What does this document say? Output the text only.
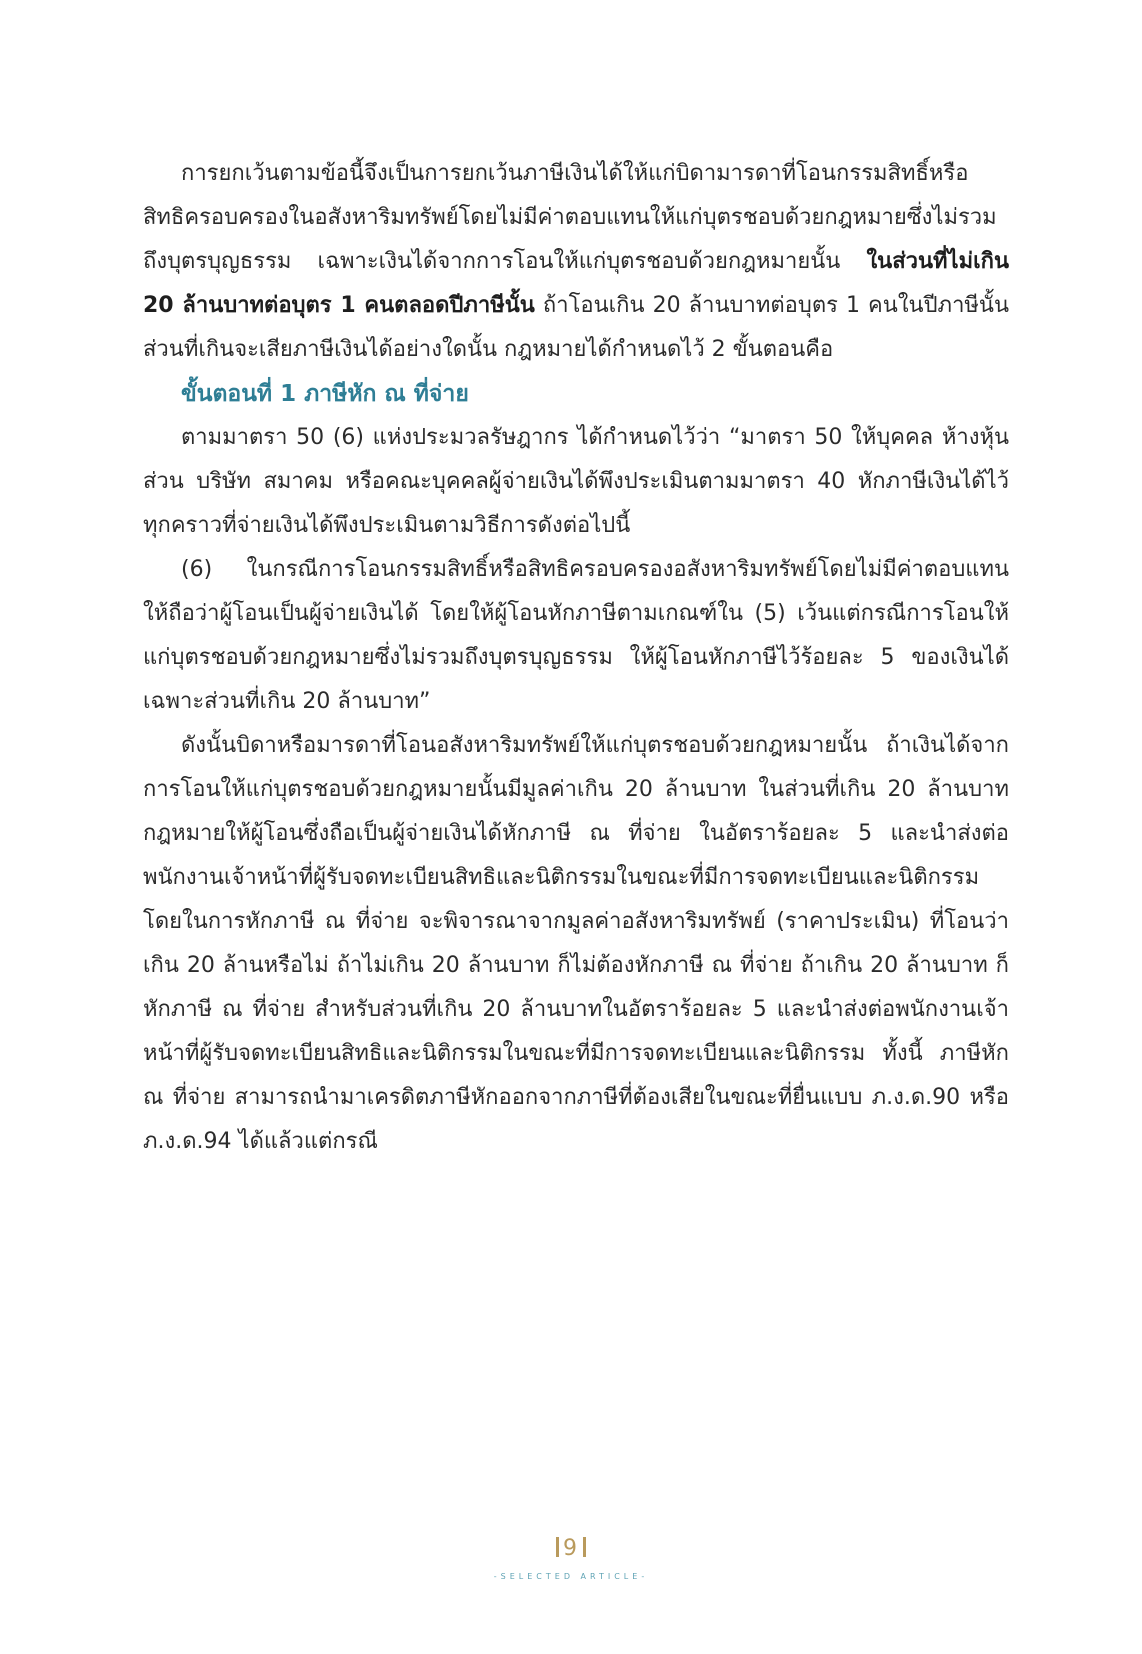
การยกเว้นตามข้อนี้จึงเป็นการยกเว้นภาษีเงินได้ให้แก่บิดามารดาที่โอนกรรมสิทธิ์หรือสิทธิครอบครองในอสังหาริมทรัพย์โดยไม่มีค่าตอบแทนให้แก่บุตรชอบด้วยกฎหมายซึ่งไม่รวมถึงบุตรบุญธรรม เฉพาะเงินได้จากการโอนให้แก่บุตรชอบด้วยกฎหมายนั้น ในส่วนที่ไม่เกิน 20 ล้านบาทต่อบุตร 1 คนตลอดปีภาษีนั้น ถ้าโอนเกิน 20 ล้านบาทต่อบุตร 1 คนในปีภาษีนั้น ส่วนที่เกินจะเสียภาษีเงินได้อย่างใดนั้น กฎหมายได้กำหนดไว้ 2 ขั้นตอนคือ

ขั้นตอนที่ 1 ภาษีหัก ณ ที่จ่าย

ตามมาตรา 50 (6) แห่งประมวลรัษฎากร ได้กำหนดไว้ว่า “มาตรา 50 ให้บุคคล ห้างหุ้นส่วน บริษัท สมาคม หรือคณะบุคคลผู้จ่ายเงินได้พึงประเมินตามมาตรา 40 หักภาษีเงินได้ไว้ทุกคราวที่จ่ายเงินได้พึงประเมินตามวิธีการดังต่อไปนี้

(6) ในกรณีการโอนกรรมสิทธิ์หรือสิทธิครอบครองอสังหาริมทรัพย์โดยไม่มีค่าตอบแทน ให้ถือว่าผู้โอนเป็นผู้จ่ายเงินได้ โดยให้ผู้โอนหักภาษีตามเกณฑ์ใน (5) เว้นแต่กรณีการโอนให้แก่บุตรชอบด้วยกฎหมายซึ่งไม่รวมถึงบุตรบุญธรรม ให้ผู้โอนหักภาษีไว้ร้อยละ 5 ของเงินได้เฉพาะส่วนที่เกิน 20 ล้านบาท”

ดังนั้นบิดาหรือมารดาที่โอนอสังหาริมทรัพย์ให้แก่บุตรชอบด้วยกฎหมายนั้น ถ้าเงินได้จากการโอนให้แก่บุตรชอบด้วยกฎหมายนั้นมีมูลค่าเกิน 20 ล้านบาท ในส่วนที่เกิน 20 ล้านบาท กฎหมายให้ผู้โอนซึ่งถือเป็นผู้จ่ายเงินได้หักภาษี ณ ที่จ่าย ในอัตราร้อยละ 5 และนำส่งต่อพนักงานเจ้าหน้าที่ผู้รับจดทะเบียนสิทธิและนิติกรรมในขณะที่มีการจดทะเบียนและนิติกรรม โดยในการหักภาษี ณ ที่จ่าย จะพิจารณาจากมูลค่าอสังหาริมทรัพย์ (ราคาประเมิน) ที่โอนว่าเกิน 20 ล้านหรือไม่ ถ้าไม่เกิน 20 ล้านบาท ก็ไม่ต้องหักภาษี ณ ที่จ่าย ถ้าเกิน 20 ล้านบาท ก็หักภาษี ณ ที่จ่าย สำหรับส่วนที่เกิน 20 ล้านบาทในอัตราร้อยละ 5 และนำส่งต่อพนักงานเจ้าหน้าที่ผู้รับจดทะเบียนสิทธิและนิติกรรมในขณะที่มีการจดทะเบียนและนิติกรรม ทั้งนี้ ภาษีหัก ณ ที่จ่าย สามารถนำมาเครดิตภาษีหักออกจากภาษีที่ต้องเสียในขณะที่ยื่นแบบ ภ.ง.ด.90 หรือ ภ.ง.ด.94 ได้แล้วแต่กรณี

9
-SELECTED ARTICLE-
